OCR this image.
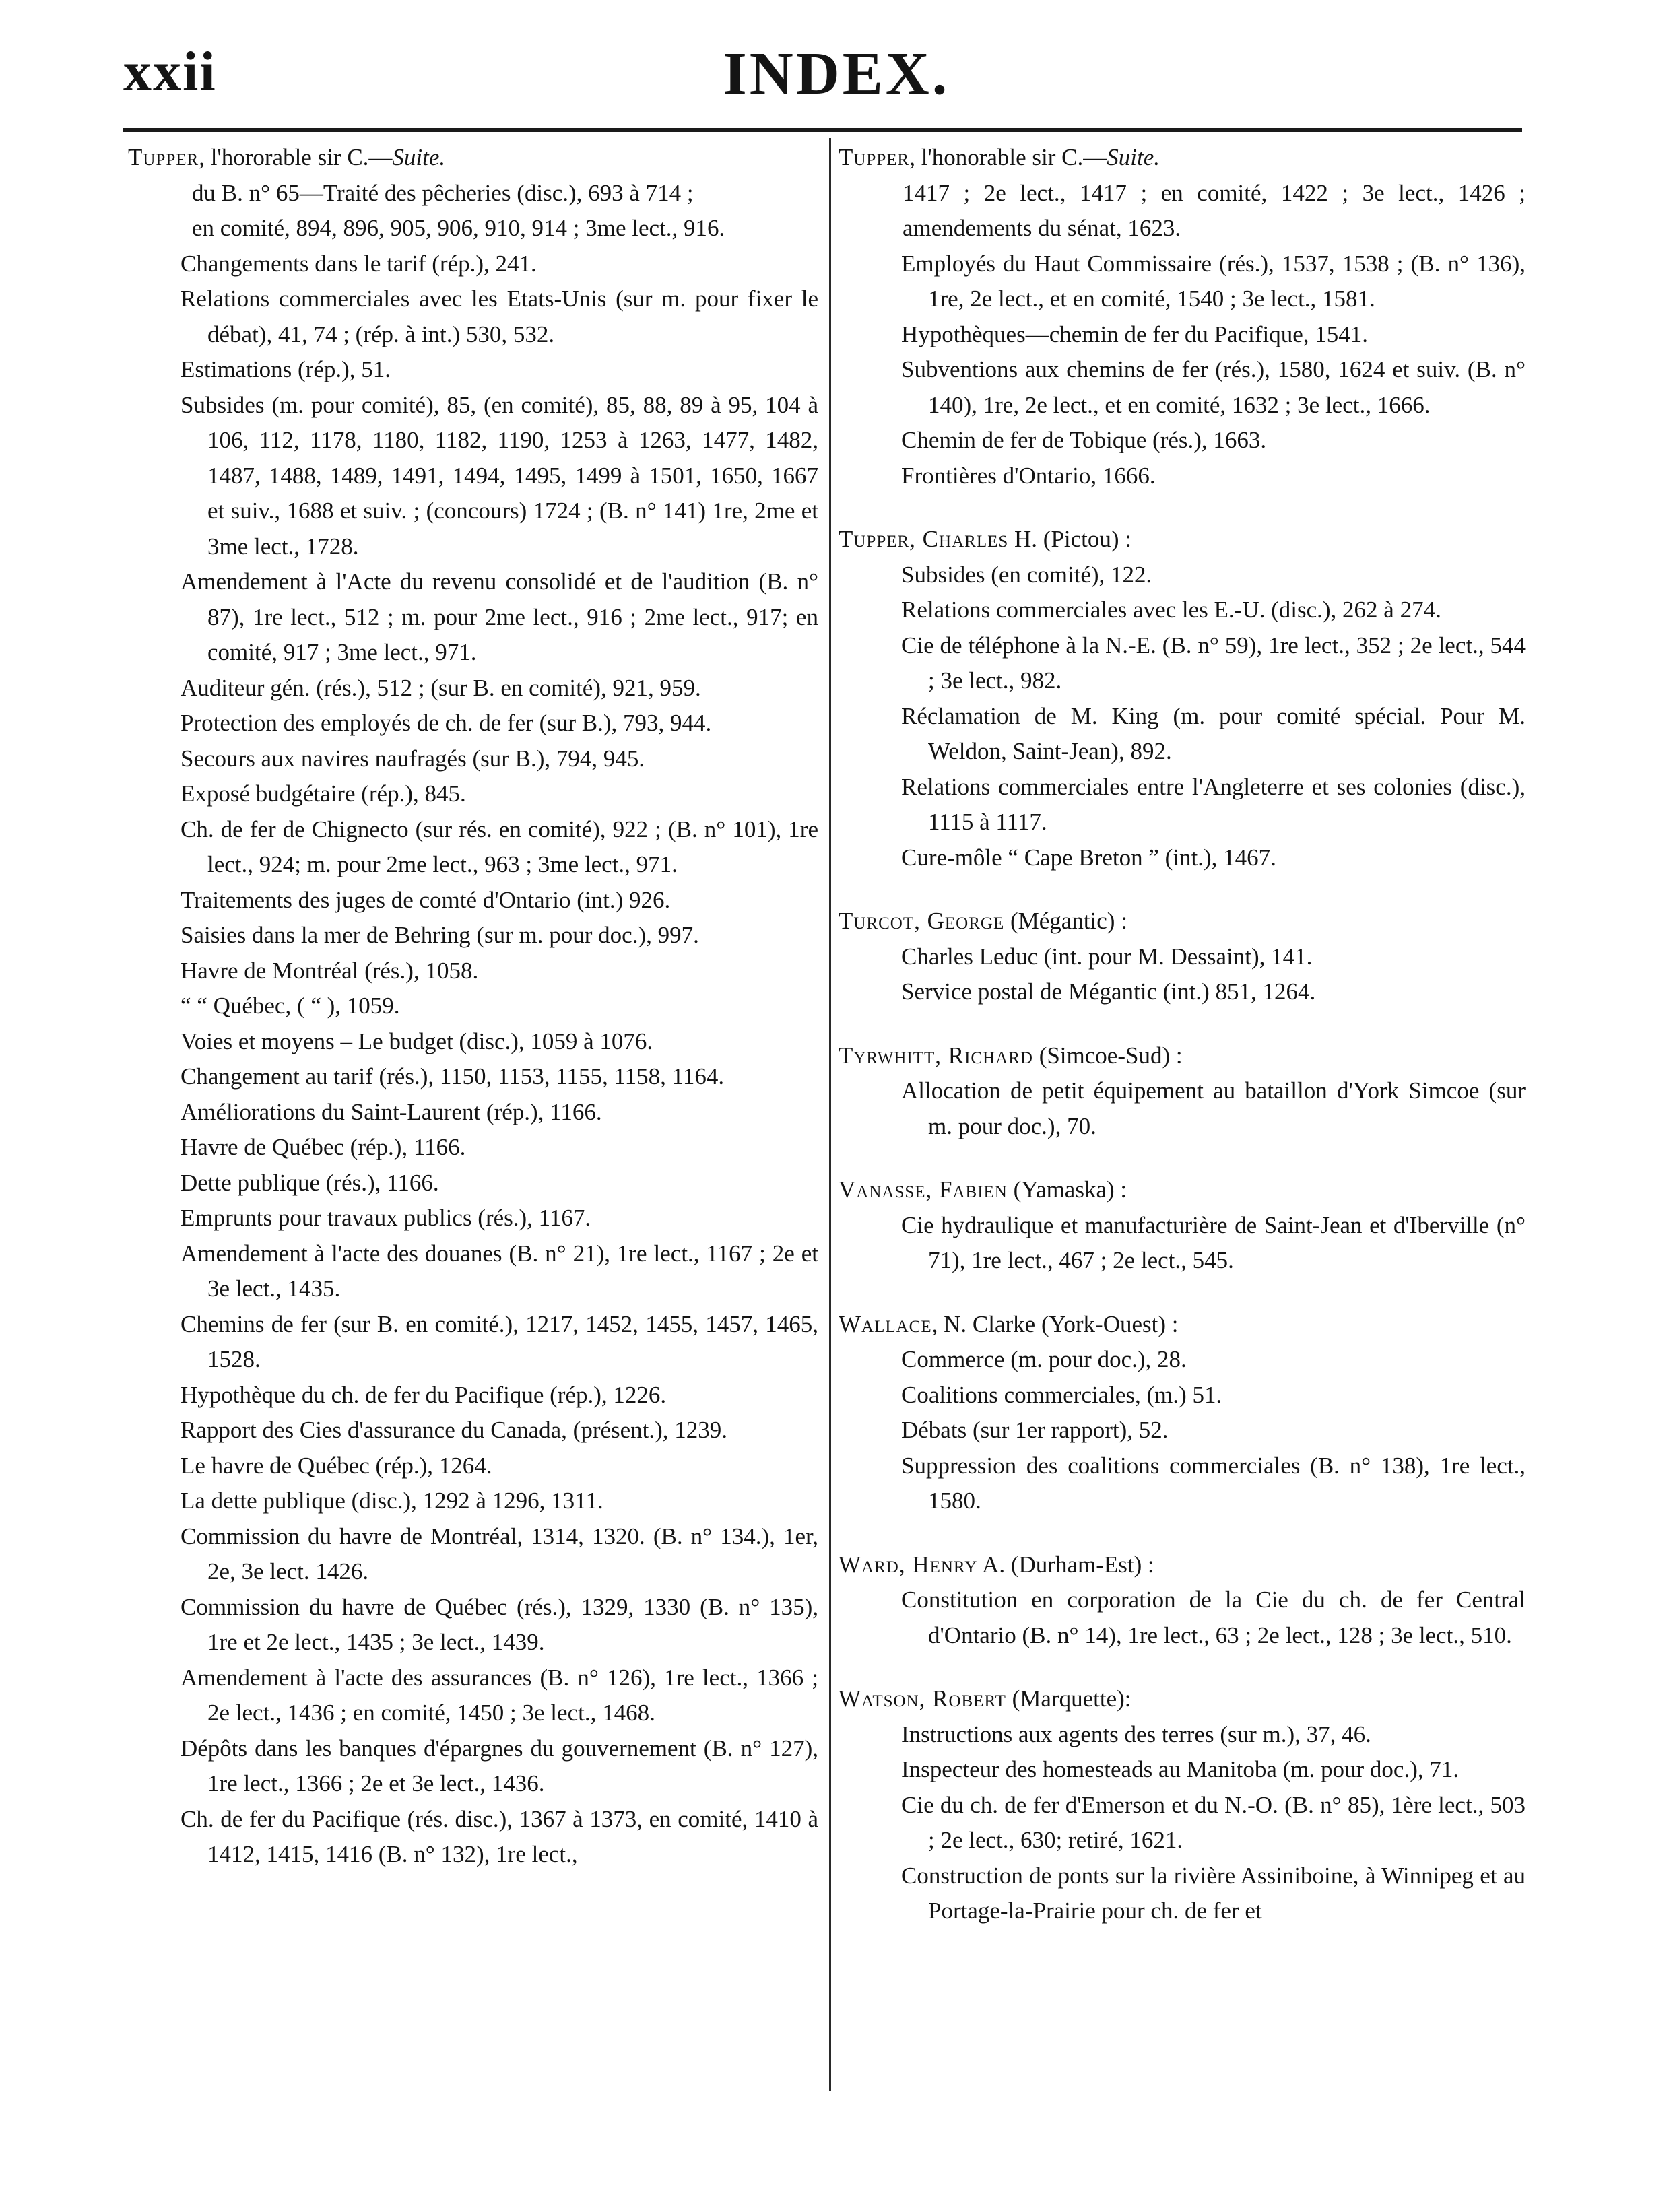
xxii	INDEX.

Tupper, l'hororable sir C.—Suite.

du B. n° 65—Traité des pêcheries (disc.), 693 à 714 ;

en comité, 894, 896, 905, 906, 910, 914 ; 3me lect., 916.

Changements dans le tarif (rép.), 241.

Relations commerciales avec les Etats-Unis (sur m. pour fixer le débat), 41, 74 ; (rép. à int.) 530, 532.

Estimations (rép.), 51.

Subsides (m. pour comité), 85, (en comité), 85, 88, 89 à 95, 104 à 106, 112, 1178, 1180, 1182, 1190, 1253 à 1263, 1477, 1482, 1487, 1488, 1489, 1491, 1494, 1495, 1499 à 1501, 1650, 1667 et suiv., 1688 et suiv. ; (concours) 1724 ; (B. n° 141) 1re, 2me et 3me lect., 1728.

Amendement à l'Acte du revenu consolidé et de l'audition (B. n° 87), 1re lect., 512 ; m. pour 2me lect., 916 ; 2me lect., 917; en comité, 917 ; 3me lect., 971.

Auditeur gén. (rés.), 512 ; (sur B. en comité), 921, 959.

Protection des employés de ch. de fer (sur B.), 793, 944.

Secours aux navires naufragés (sur B.), 794, 945.

Exposé budgétaire (rép.), 845.

Ch. de fer de Chignecto (sur rés. en comité), 922 ; (B. n° 101), 1re lect., 924; m. pour 2me lect., 963 ; 3me lect., 971.

Traitements des juges de comté d'Ontario (int.) 926.

Saisies dans la mer de Behring (sur m. pour doc.), 997.

Havre de Montréal (rés.), 1058.

“ “ Québec, ( “ ), 1059.

Voies et moyens – Le budget (disc.), 1059 à 1076.

Changement au tarif (rés.), 1150, 1153, 1155, 1158, 1164.

Améliorations du Saint-Laurent (rép.), 1166.

Havre de Québec (rép.), 1166.

Dette publique (rés.), 1166.

Emprunts pour travaux publics (rés.), 1167.

Amendement à l'acte des douanes (B. n° 21), 1re lect., 1167 ; 2e et 3e lect., 1435.

Chemins de fer (sur B. en comité.), 1217, 1452, 1455, 1457, 1465, 1528.

Hypothèque du ch. de fer du Pacifique (rép.), 1226.

Rapport des Cies d'assurance du Canada, (présent.), 1239.

Le havre de Québec (rép.), 1264.

La dette publique (disc.), 1292 à 1296, 1311.

Commission du havre de Montréal, 1314, 1320. (B. n° 134.), 1er, 2e, 3e lect. 1426.

Commission du havre de Québec (rés.), 1329, 1330 (B. n° 135), 1re et 2e lect., 1435 ; 3e lect., 1439.

Amendement à l'acte des assurances (B. n° 126), 1re lect., 1366 ; 2e lect., 1436 ; en comité, 1450 ; 3e lect., 1468.

Dépôts dans les banques d'épargnes du gouvernement (B. n° 127), 1re lect., 1366 ; 2e et 3e lect., 1436.

Ch. de fer du Pacifique (rés. disc.), 1367 à 1373, en comité, 1410 à 1412, 1415, 1416 (B. n° 132), 1re lect.,

Tupper, l'honorable sir C.—Suite.

1417 ; 2e lect., 1417 ; en comité, 1422 ; 3e lect., 1426 ; amendements du sénat, 1623.

Employés du Haut Commissaire (rés.), 1537, 1538 ; (B. n° 136), 1re, 2e lect., et en comité, 1540 ; 3e lect., 1581.

Hypothèques—chemin de fer du Pacifique, 1541.

Subventions aux chemins de fer (rés.), 1580, 1624 et suiv. (B. n° 140), 1re, 2e lect., et en comité, 1632 ; 3e lect., 1666.

Chemin de fer de Tobique (rés.), 1663.

Frontières d'Ontario, 1666.

Tupper, Charles H. (Pictou) :

Subsides (en comité), 122.

Relations commerciales avec les E.-U. (disc.), 262 à 274.

Cie de téléphone à la N.-E. (B. n° 59), 1re lect., 352 ; 2e lect., 544 ; 3e lect., 982.

Réclamation de M. King (m. pour comité spécial. Pour M. Weldon, Saint-Jean), 892.

Relations commerciales entre l'Angleterre et ses colonies (disc.), 1115 à 1117.

Cure-môle “ Cape Breton ” (int.), 1467.

Turcot, George (Mégantic) :

Charles Leduc (int. pour M. Dessaint), 141.

Service postal de Mégantic (int.) 851, 1264.

Tyrwhitt, Richard (Simcoe-Sud) :

Allocation de petit équipement au bataillon d'York Simcoe (sur m. pour doc.), 70.

Vanasse, Fabien (Yamaska) :

Cie hydraulique et manufacturière de Saint-Jean et d'Iberville (n° 71), 1re lect., 467 ; 2e lect., 545.

Wallace, N. Clarke (York-Ouest) :

Commerce (m. pour doc.), 28.

Coalitions commerciales, (m.) 51.

Débats (sur 1er rapport), 52.

Suppression des coalitions commerciales (B. n° 138), 1re lect., 1580.

Ward, Henry A. (Durham-Est) :

Constitution en corporation de la Cie du ch. de fer Central d'Ontario (B. n° 14), 1re lect., 63 ; 2e lect., 128 ; 3e lect., 510.

Watson, Robert (Marquette):

Instructions aux agents des terres (sur m.), 37, 46.

Inspecteur des homesteads au Manitoba (m. pour doc.), 71.

Cie du ch. de fer d'Emerson et du N.-O. (B. n° 85), 1ère lect., 503 ; 2e lect., 630; retiré, 1621.

Construction de ponts sur la rivière Assiniboine, à Winnipeg et au Portage-la-Prairie pour ch. de fer et
